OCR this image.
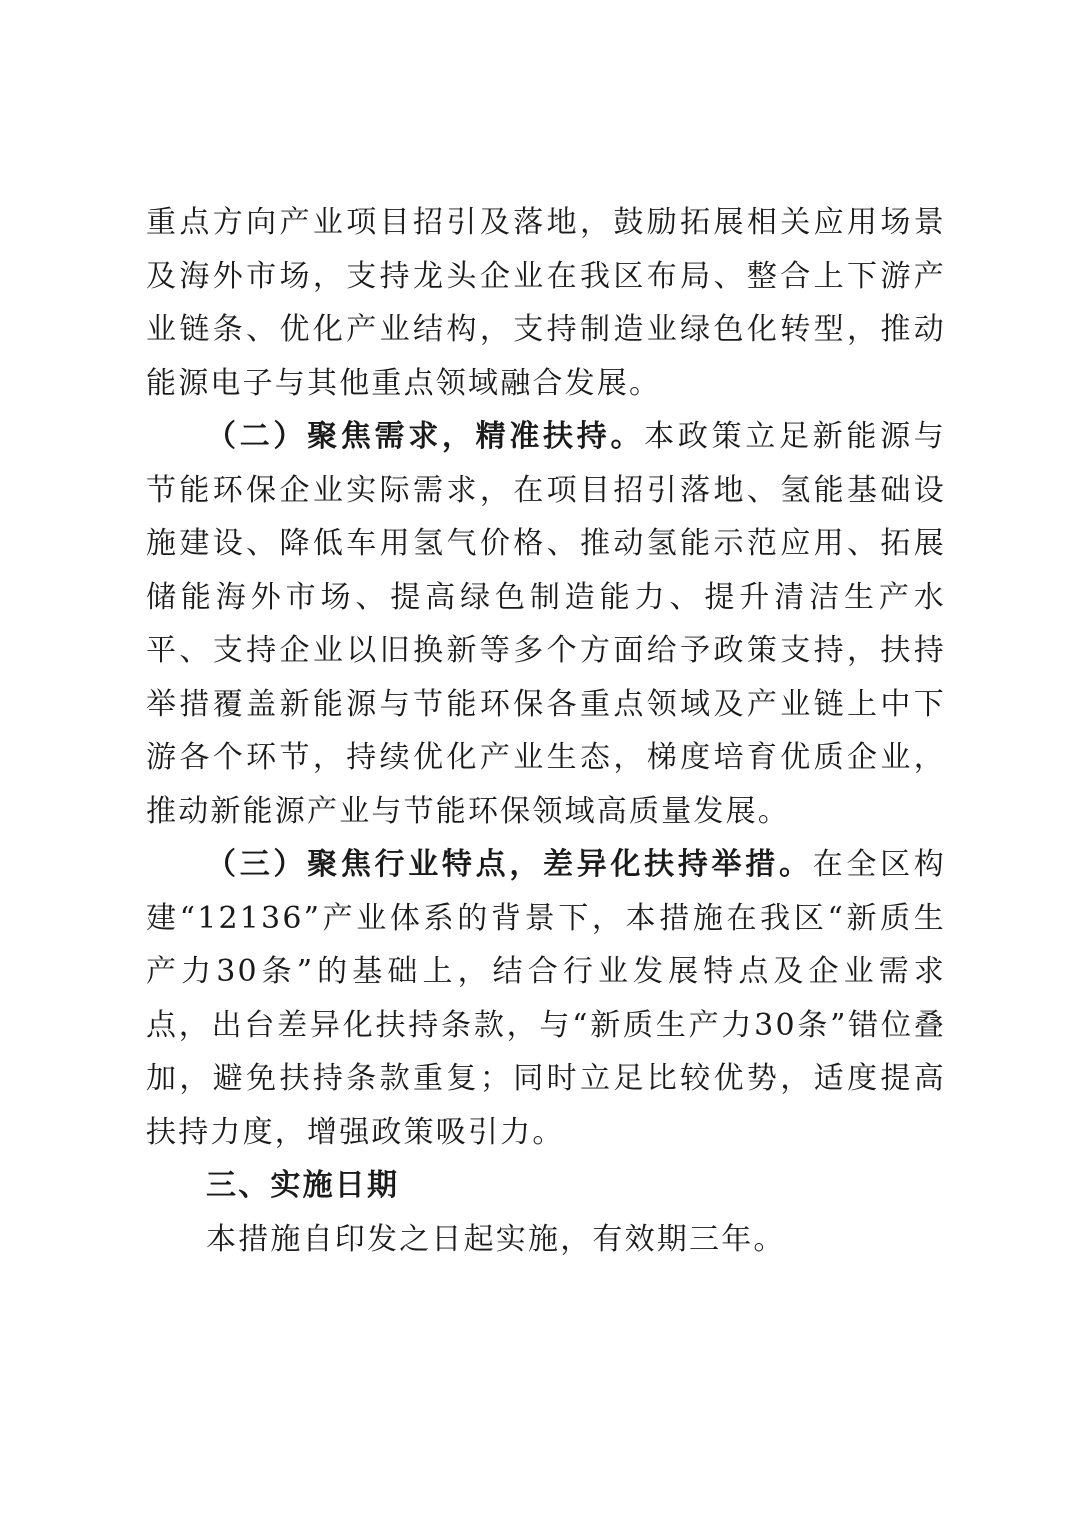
重点方向产业项目招引及落地，鼓励拓展相关应用场景及海外市场，支持龙头企业在我区布局、整合上下游产业链条、优化产业结构，支持制造业绿色化转型，推动能源电子与其他重点领域融合发展。

（二）聚焦需求，精准扶持。本政策立足新能源与节能环保企业实际需求，在项目招引落地、氢能基础设施建设、降低车用氢气价格、推动氢能示范应用、拓展储能海外市场、提高绿色制造能力、提升清洁生产水平、支持企业以旧换新等多个方面给予政策支持，扶持举措覆盖新能源与节能环保各重点领域及产业链上中下游各个环节，持续优化产业生态，梯度培育优质企业，推动新能源产业与节能环保领域高质量发展。

（三）聚焦行业特点，差异化扶持举措。在全区构建“12136”产业体系的背景下，本措施在我区“新质生产力30条”的基础上，结合行业发展特点及企业需求点，出台差异化扶持条款，与“新质生产力30条”错位叠加，避免扶持条款重复；同时立足比较优势，适度提高扶持力度，增强政策吸引力。

三、实施日期

本措施自印发之日起实施，有效期三年。
